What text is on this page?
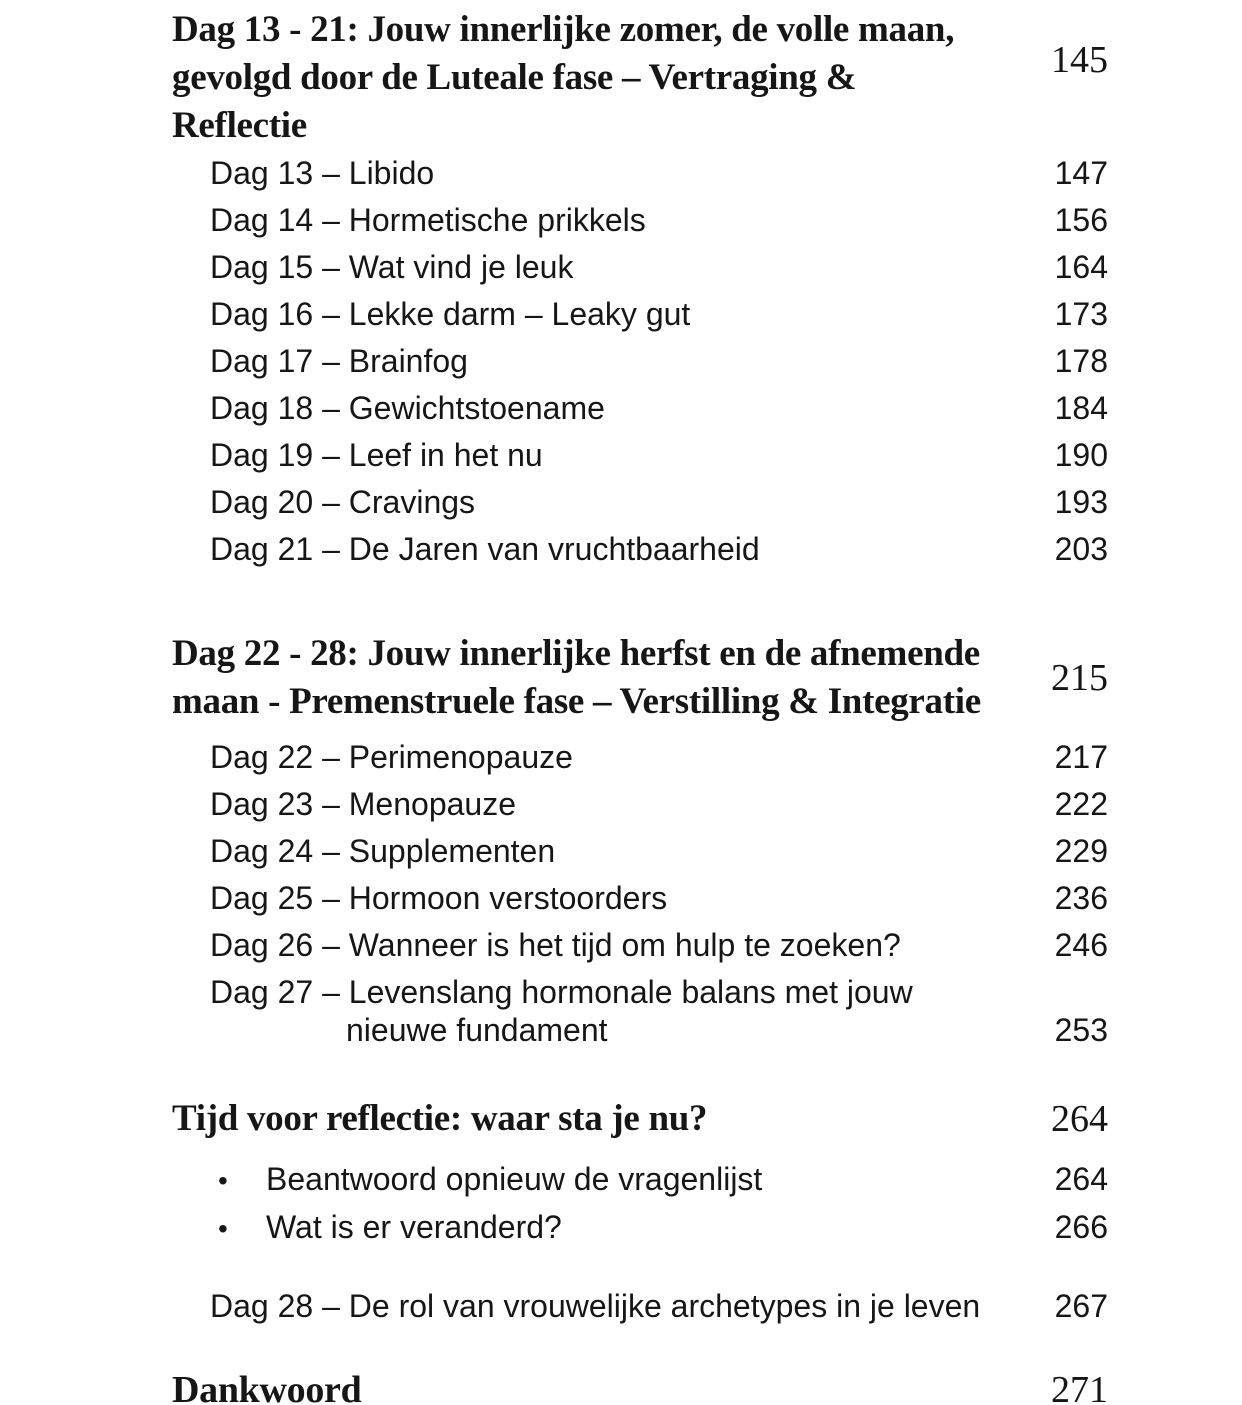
Dag 13 - 21: Jouw innerlijke zomer, de volle maan,
gevolgd door de Luteale fase – Vertraging &
Reflectie
145
Dag 13 – Libido	147
Dag 14 – Hormetische prikkels	156
Dag 15 – Wat vind je leuk	164
Dag 16 – Lekke darm – Leaky gut	173
Dag 17 – Brainfog	178
Dag 18 – Gewichtstoename	184
Dag 19 – Leef in het nu	190
Dag 20 – Cravings	193
Dag 21 – De Jaren van vruchtbaarheid	203
Dag 22 - 28: Jouw innerlijke herfst en de afnemende
maan - Premenstruele fase – Verstilling & Integratie
215
Dag 22 – Perimenopauze	217
Dag 23 – Menopauze	222
Dag 24 – Supplementen	229
Dag 25 – Hormoon verstoorders	236
Dag 26 – Wanneer is het tijd om hulp te zoeken?	246
Dag 27 – Levenslang hormonale balans met jouw
nieuwe fundament	253
Tijd voor reflectie: waar sta je nu?	264
•	Beantwoord opnieuw de vragenlijst	264
•	Wat is er veranderd?	266
Dag 28 – De rol van vrouwelijke archetypes in je leven	267
Dankwoord	271
